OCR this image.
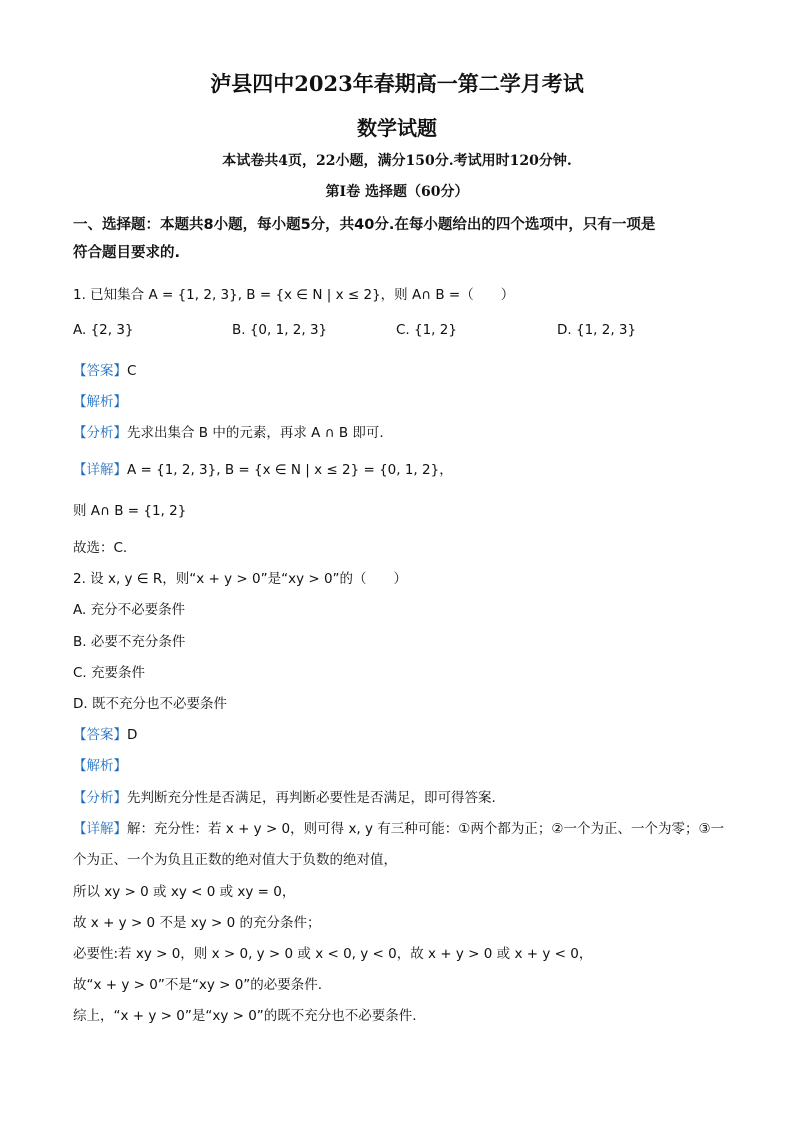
泸县四中2023年春期高一第二学月考试
数学试题
本试卷共4页，22小题，满分150分.考试用时120分钟.
第I卷 选择题（60分）
一、选择题：本题共8小题，每小题5分，共40分.在每小题给出的四个选项中，只有一项是
符合题目要求的.
1. 已知集合 A = {1, 2, 3}, B = {x ∈ N | x ≤ 2}，则 A∩ B =（　　）
A. {2, 3}	B. {0, 1, 2, 3}	C. {1, 2}	D. {1, 2, 3}
【答案】C
【解析】
【分析】先求出集合 B 中的元素，再求 A ∩ B 即可.
【详解】A = {1, 2, 3}, B = {x ∈ N | x ≤ 2} = {0, 1, 2}，
则 A∩ B = {1, 2}
故选：C.
2. 设 x, y ∈ R，则“x + y > 0”是“xy > 0”的（　　）
A. 充分不必要条件
B. 必要不充分条件
C. 充要条件
D. 既不充分也不必要条件
【答案】D
【解析】
【分析】先判断充分性是否满足，再判断必要性是否满足，即可得答案.
【详解】解：充分性：若 x + y > 0，则可得 x, y 有三种可能：①两个都为正；②一个为正、一个为零；③一
个为正、一个为负且正数的绝对值大于负数的绝对值，
所以 xy > 0 或 xy < 0 或 xy = 0，
故 x + y > 0 不是 xy > 0 的充分条件；
必要性:若 xy > 0，则 x > 0, y > 0 或 x < 0, y < 0，故 x + y > 0 或 x + y < 0，
故“x + y > 0”不是“xy > 0”的必要条件.
综上，“x + y > 0”是“xy > 0”的既不充分也不必要条件.
